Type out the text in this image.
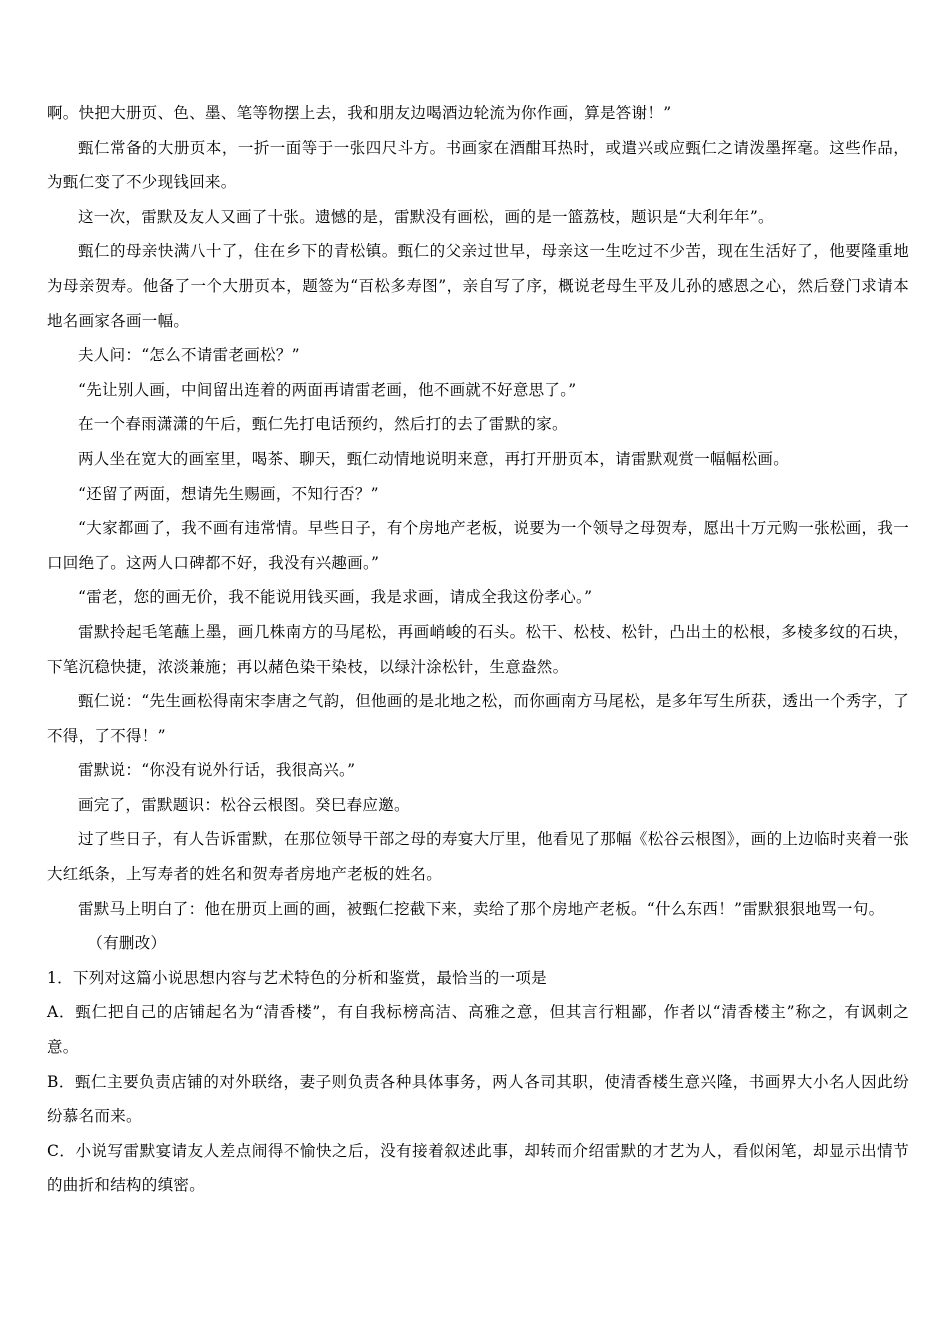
啊。快把大册页、色、墨、笔等物摆上去，我和朋友边喝酒边轮流为你作画，算是答谢！”

甄仁常备的大册页本，一折一面等于一张四尺斗方。书画家在酒酣耳热时，或遣兴或应甄仁之请泼墨挥毫。这些作品，为甄仁变了不少现钱回来。

这一次，雷默及友人又画了十张。遗憾的是，雷默没有画松，画的是一篮荔枝，题识是“大利年年”。

甄仁的母亲快满八十了，住在乡下的青松镇。甄仁的父亲过世早，母亲这一生吃过不少苦，现在生活好了，他要隆重地为母亲贺寿。他备了一个大册页本，题签为“百松多寿图”，亲自写了序，概说老母生平及儿孙的感恩之心，然后登门求请本地名画家各画一幅。

夫人问：“怎么不请雷老画松？”

“先让别人画，中间留出连着的两面再请雷老画，他不画就不好意思了。”

在一个春雨潇潇的午后，甄仁先打电话预约，然后打的去了雷默的家。

两人坐在宽大的画室里，喝茶、聊天，甄仁动情地说明来意，再打开册页本，请雷默观赏一幅幅松画。

“还留了两面，想请先生赐画，不知行否？”

“大家都画了，我不画有违常情。早些日子，有个房地产老板，说要为一个领导之母贺寿，愿出十万元购一张松画，我一口回绝了。这两人口碑都不好，我没有兴趣画。”

“雷老，您的画无价，我不能说用钱买画，我是求画，请成全我这份孝心。”

雷默拎起毛笔蘸上墨，画几株南方的马尾松，再画峭峻的石头。松干、松枝、松针，凸出土的松根，多棱多纹的石块，下笔沉稳快捷，浓淡兼施；再以赭色染干染枝，以绿汁涂松针，生意盎然。

甄仁说：“先生画松得南宋李唐之气韵，但他画的是北地之松，而你画南方马尾松，是多年写生所获，透出一个秀字，了不得，了不得！”

雷默说：“你没有说外行话，我很高兴。”

画完了，雷默题识：松谷云根图。癸巳春应邀。

过了些日子，有人告诉雷默，在那位领导干部之母的寿宴大厅里，他看见了那幅《松谷云根图》，画的上边临时夹着一张大红纸条，上写寿者的姓名和贺寿者房地产老板的姓名。

雷默马上明白了：他在册页上画的画，被甄仁挖截下来，卖给了那个房地产老板。“什么东西！”雷默狠狠地骂一句。

（有删改）

1．下列对这篇小说思想内容与艺术特色的分析和鉴赏，最恰当的一项是

A．甄仁把自己的店铺起名为“清香楼”，有自我标榜高洁、高雅之意，但其言行粗鄙，作者以“清香楼主”称之，有讽刺之意。

B．甄仁主要负责店铺的对外联络，妻子则负责各种具体事务，两人各司其职，使清香楼生意兴隆，书画界大小名人因此纷纷慕名而来。

C．小说写雷默宴请友人差点闹得不愉快之后，没有接着叙述此事，却转而介绍雷默的才艺为人，看似闲笔，却显示出情节的曲折和结构的缜密。
